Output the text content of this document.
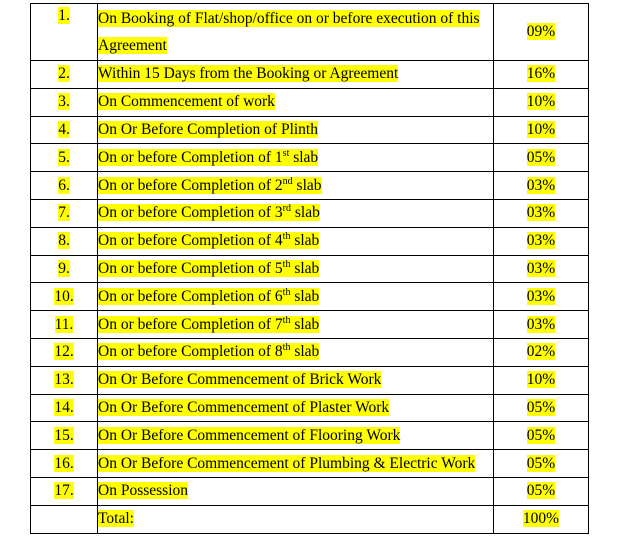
1.	On Booking of Flat/shop/office on or before execution of this Agreement	09%
2.	Within 15 Days from the Booking or Agreement	16%
3.	On Commencement of work	10%
4.	On Or Before Completion of Plinth	10%
5.	On or before Completion of 1st slab	05%
6.	On or before Completion of 2nd slab	03%
7.	On or before Completion of 3rd slab	03%
8.	On or before Completion of 4th slab	03%
9.	On or before Completion of 5th slab	03%
10.	On or before Completion of 6th slab	03%
11.	On or before Completion of 7th slab	03%
12.	On or before Completion of 8th slab	02%
13.	On Or Before Commencement of Brick Work	10%
14.	On Or Before Commencement of Plaster Work	05%
15.	On Or Before Commencement of Flooring Work	05%
16.	On Or Before Commencement of Plumbing & Electric Work	05%
17.	On Possession	05%
	Total:	100%
